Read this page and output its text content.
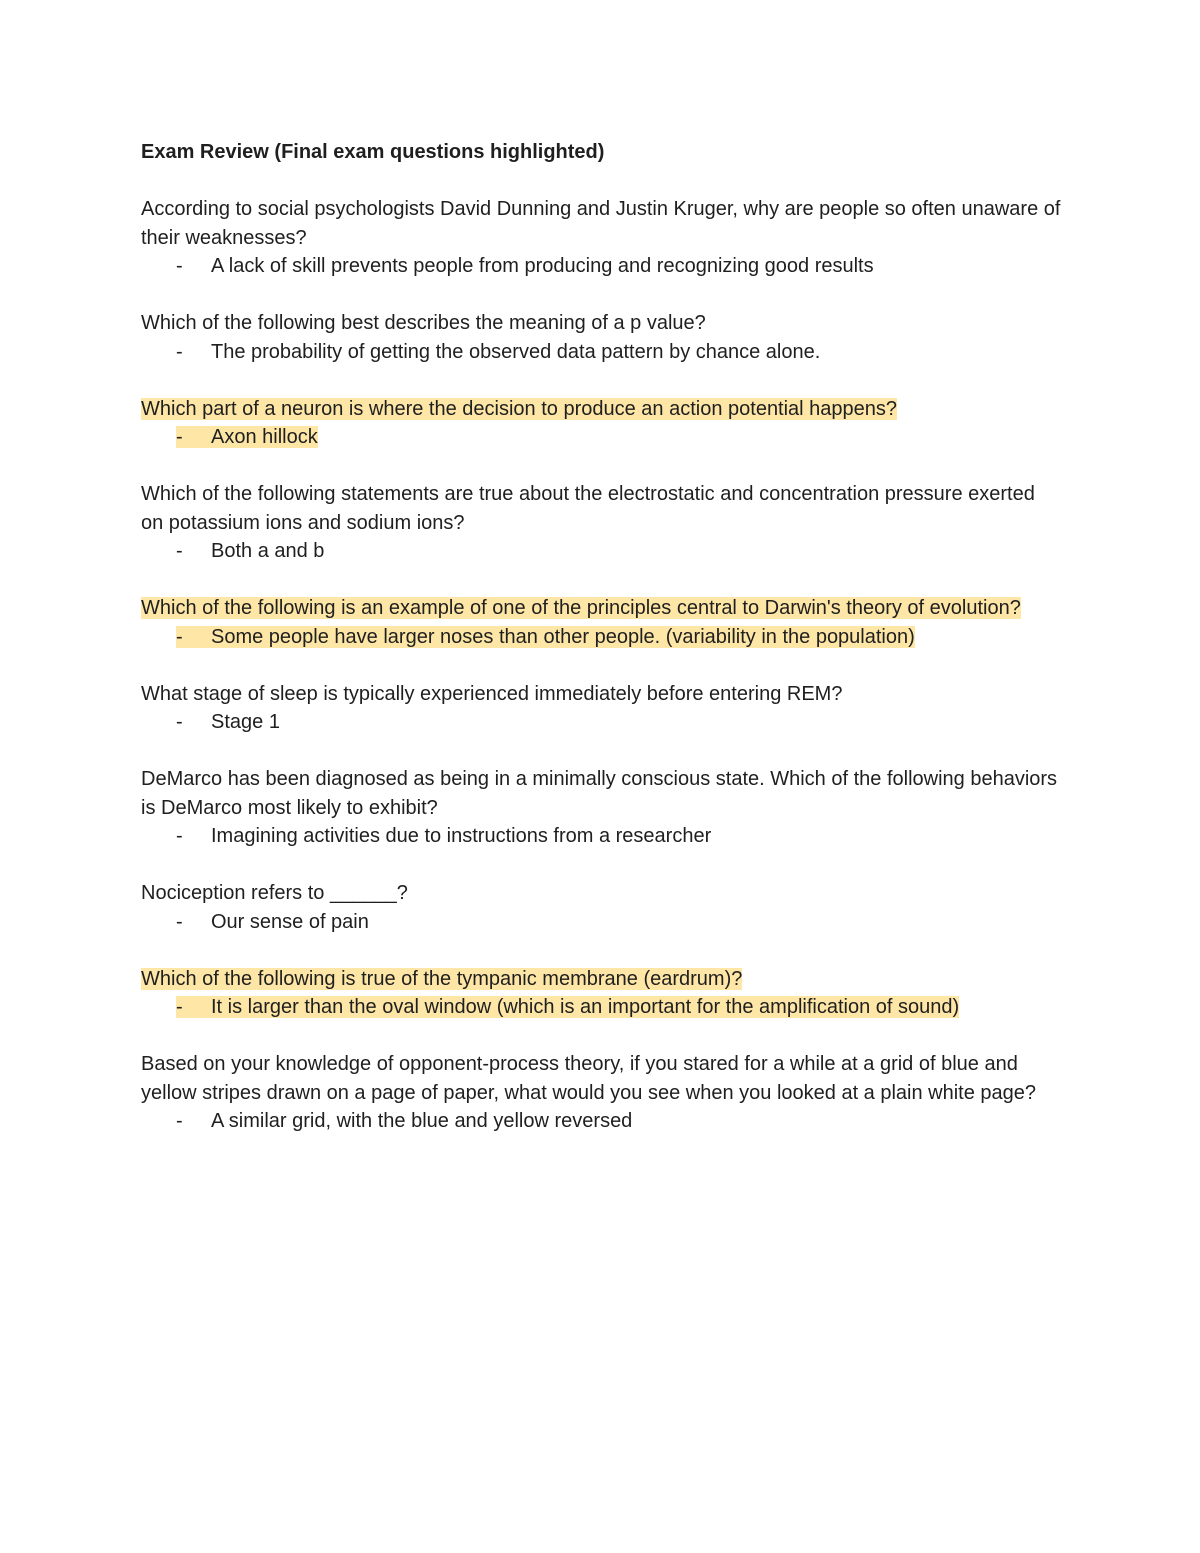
Exam Review (Final exam questions highlighted)

According to social psychologists David Dunning and Justin Kruger, why are people so often unaware of their weaknesses?

- A lack of skill prevents people from producing and recognizing good results

Which of the following best describes the meaning of a p value?

- The probability of getting the observed data pattern by chance alone.

Which part of a neuron is where the decision to produce an action potential happens?

- Axon hillock

Which of the following statements are true about the electrostatic and concentration pressure exerted on potassium ions and sodium ions?

- Both a and b

Which of the following is an example of one of the principles central to Darwin's theory of evolution?

- Some people have larger noses than other people. (variability in the population)

What stage of sleep is typically experienced immediately before entering REM?

- Stage 1

DeMarco has been diagnosed as being in a minimally conscious state. Which of the following behaviors is DeMarco most likely to exhibit?

- Imagining activities due to instructions from a researcher

Nociception refers to ______?

- Our sense of pain

Which of the following is true of the tympanic membrane (eardrum)?

- It is larger than the oval window (which is an important for the amplification of sound)

Based on your knowledge of opponent-process theory, if you stared for a while at a grid of blue and yellow stripes drawn on a page of paper, what would you see when you looked at a plain white page?

- A similar grid, with the blue and yellow reversed
